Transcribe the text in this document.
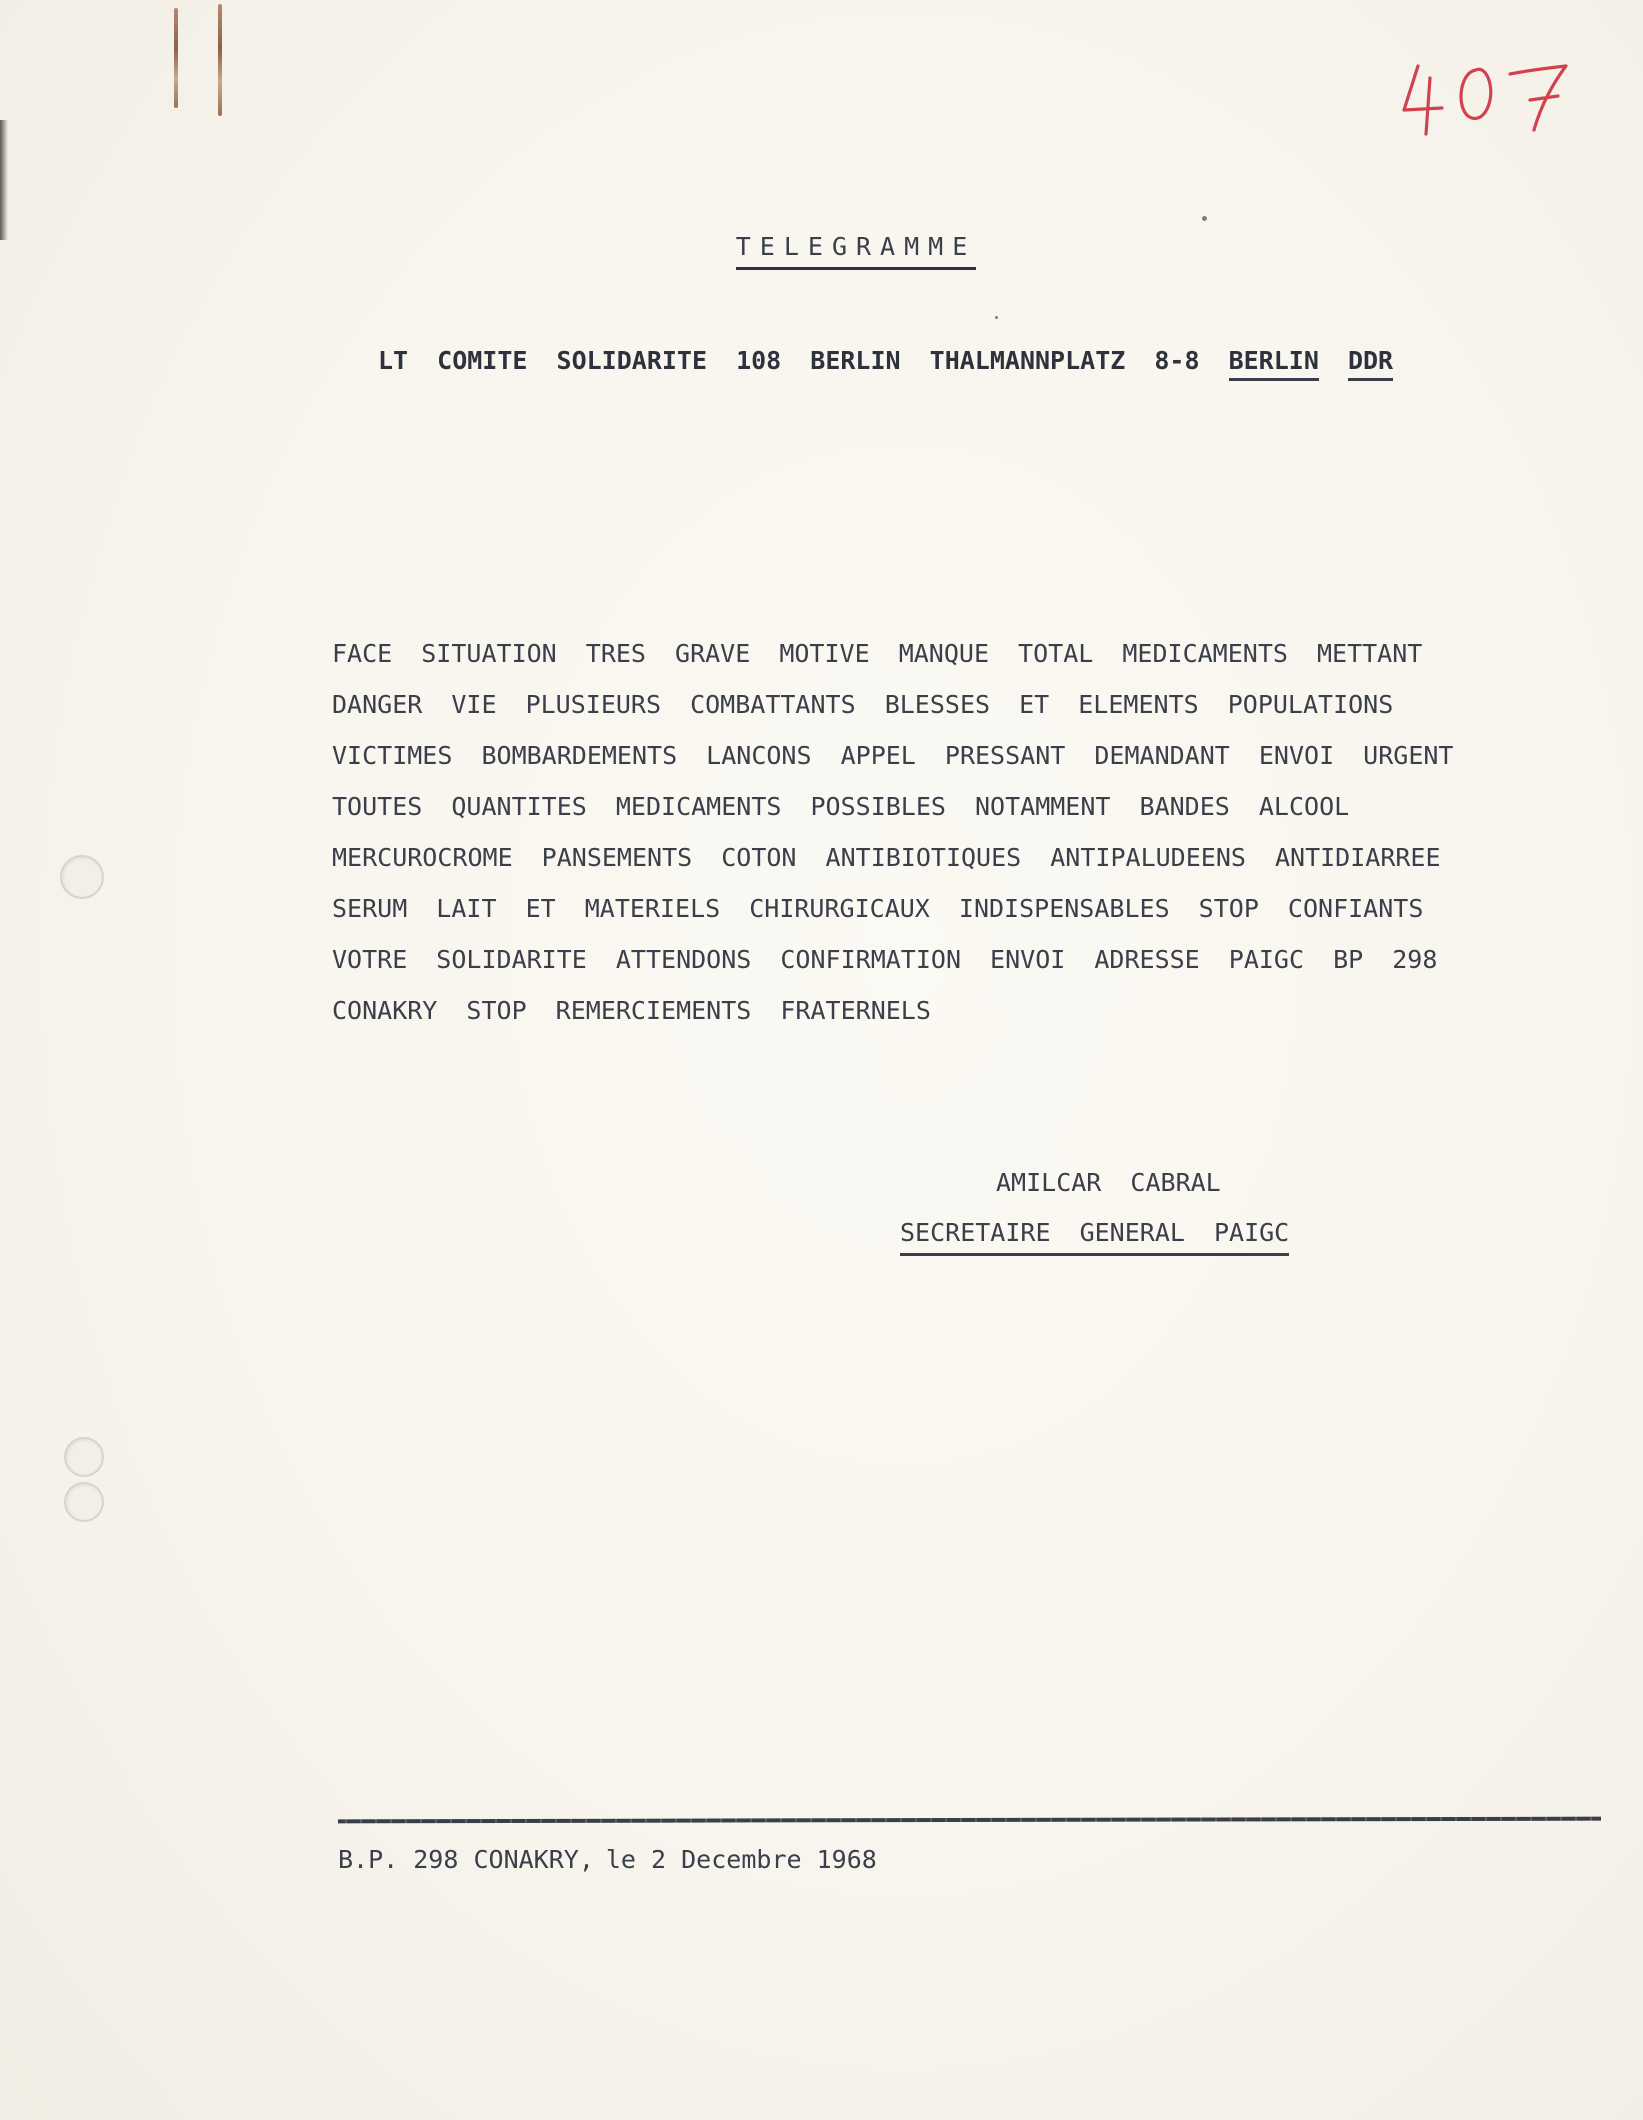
TELEGRAMME

LT COMITE SOLIDARITE 108 BERLIN THALMANNPLATZ 8-8 BERLIN DDR

FACE SITUATION TRES GRAVE MOTIVE MANQUE TOTAL MEDICAMENTS METTANT
DANGER VIE PLUSIEURS COMBATTANTS BLESSES ET ELEMENTS POPULATIONS
VICTIMES BOMBARDEMENTS LANCONS APPEL PRESSANT DEMANDANT ENVOI URGENT
TOUTES QUANTITES MEDICAMENTS POSSIBLES NOTAMMENT BANDES ALCOOL
MERCUROCROME PANSEMENTS COTON ANTIBIOTIQUES ANTIPALUDEENS ANTIDIARREE
SERUM LAIT ET MATERIELS CHIRURGICAUX INDISPENSABLES STOP CONFIANTS
VOTRE SOLIDARITE ATTENDONS CONFIRMATION ENVOI ADRESSE PAIGC BP 298
CONAKRY STOP REMERCIEMENTS FRATERNELS
AMILCAR CABRAL
SECRETAIRE GENERAL PAIGC

B.P. 298 CONAKRY, le 2 Decembre 1968
